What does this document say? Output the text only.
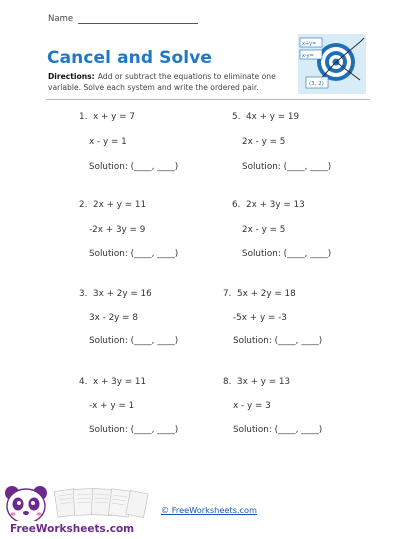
Name
Cancel and Solve
Directions: Add or subtract the equations to eliminate one variable. Solve each system and write the ordered pair.
x+y=
x-y=
(3, 2)
1. x + y = 7
x - y = 1
Solution: (____, ____)
2. 2x + y = 11
-2x + 3y = 9
Solution: (____, ____)
3. 3x + 2y = 16
3x - 2y = 8
Solution: (____, ____)
4. x + 3y = 11
-x + y = 1
Solution: (____, ____)
5. 4x + y = 19
2x - y = 5
Solution: (____, ____)
6. 2x + 3y = 13
2x - y = 5
Solution: (____, ____)
7. 5x + 2y = 18
-5x + y = -3
Solution: (____, ____)
8. 3x + y = 13
x - y = 3
Solution: (____, ____)
FreeWorksheets.com
© FreeWorksheets.com
